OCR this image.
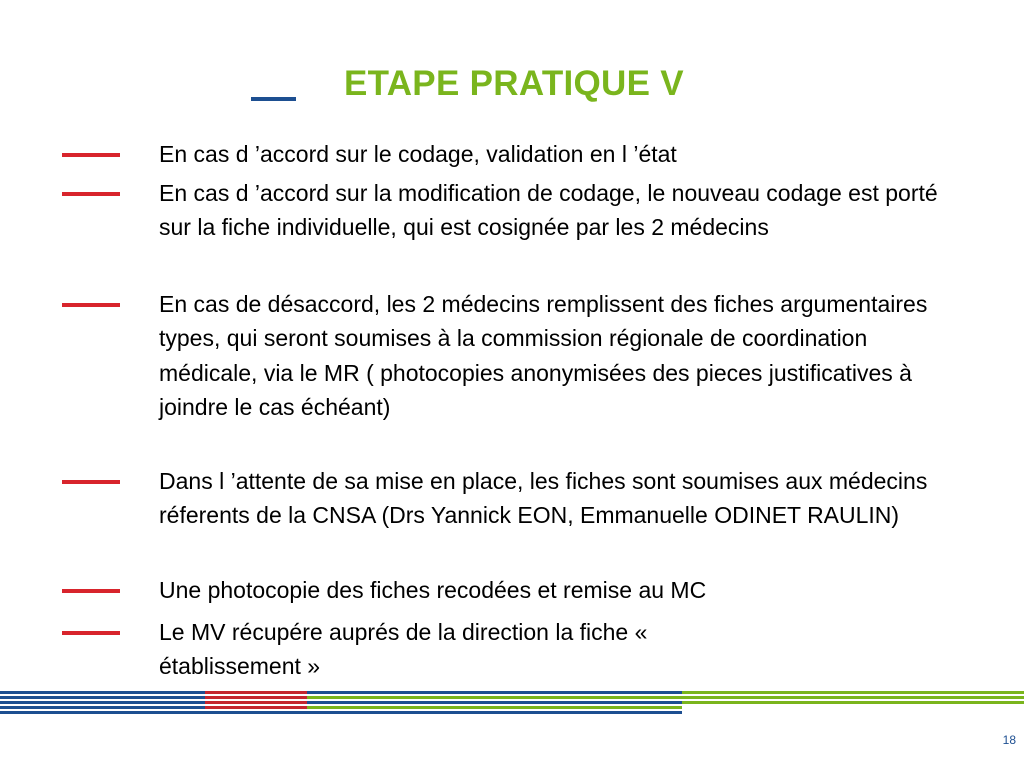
ETAPE PRATIQUE V
En cas d ’accord sur le codage, validation en l ’état
En cas d ’accord sur la modification de codage, le nouveau codage est porté sur la fiche individuelle, qui est cosignée par les 2 médecins
En cas de désaccord, les 2 médecins remplissent des fiches argumentaires types, qui seront soumises à la commission régionale de coordination médicale, via le MR ( photocopies anonymisées des pieces justificatives à joindre le cas échéant)
Dans l ’attente de sa mise en place, les fiches sont soumises aux médecins réferents de la CNSA (Drs Yannick EON, Emmanuelle ODINET RAULIN)
Une photocopie des fiches recodées et remise au MC
Le MV récupére auprés de la direction la fiche « établissement »
18
